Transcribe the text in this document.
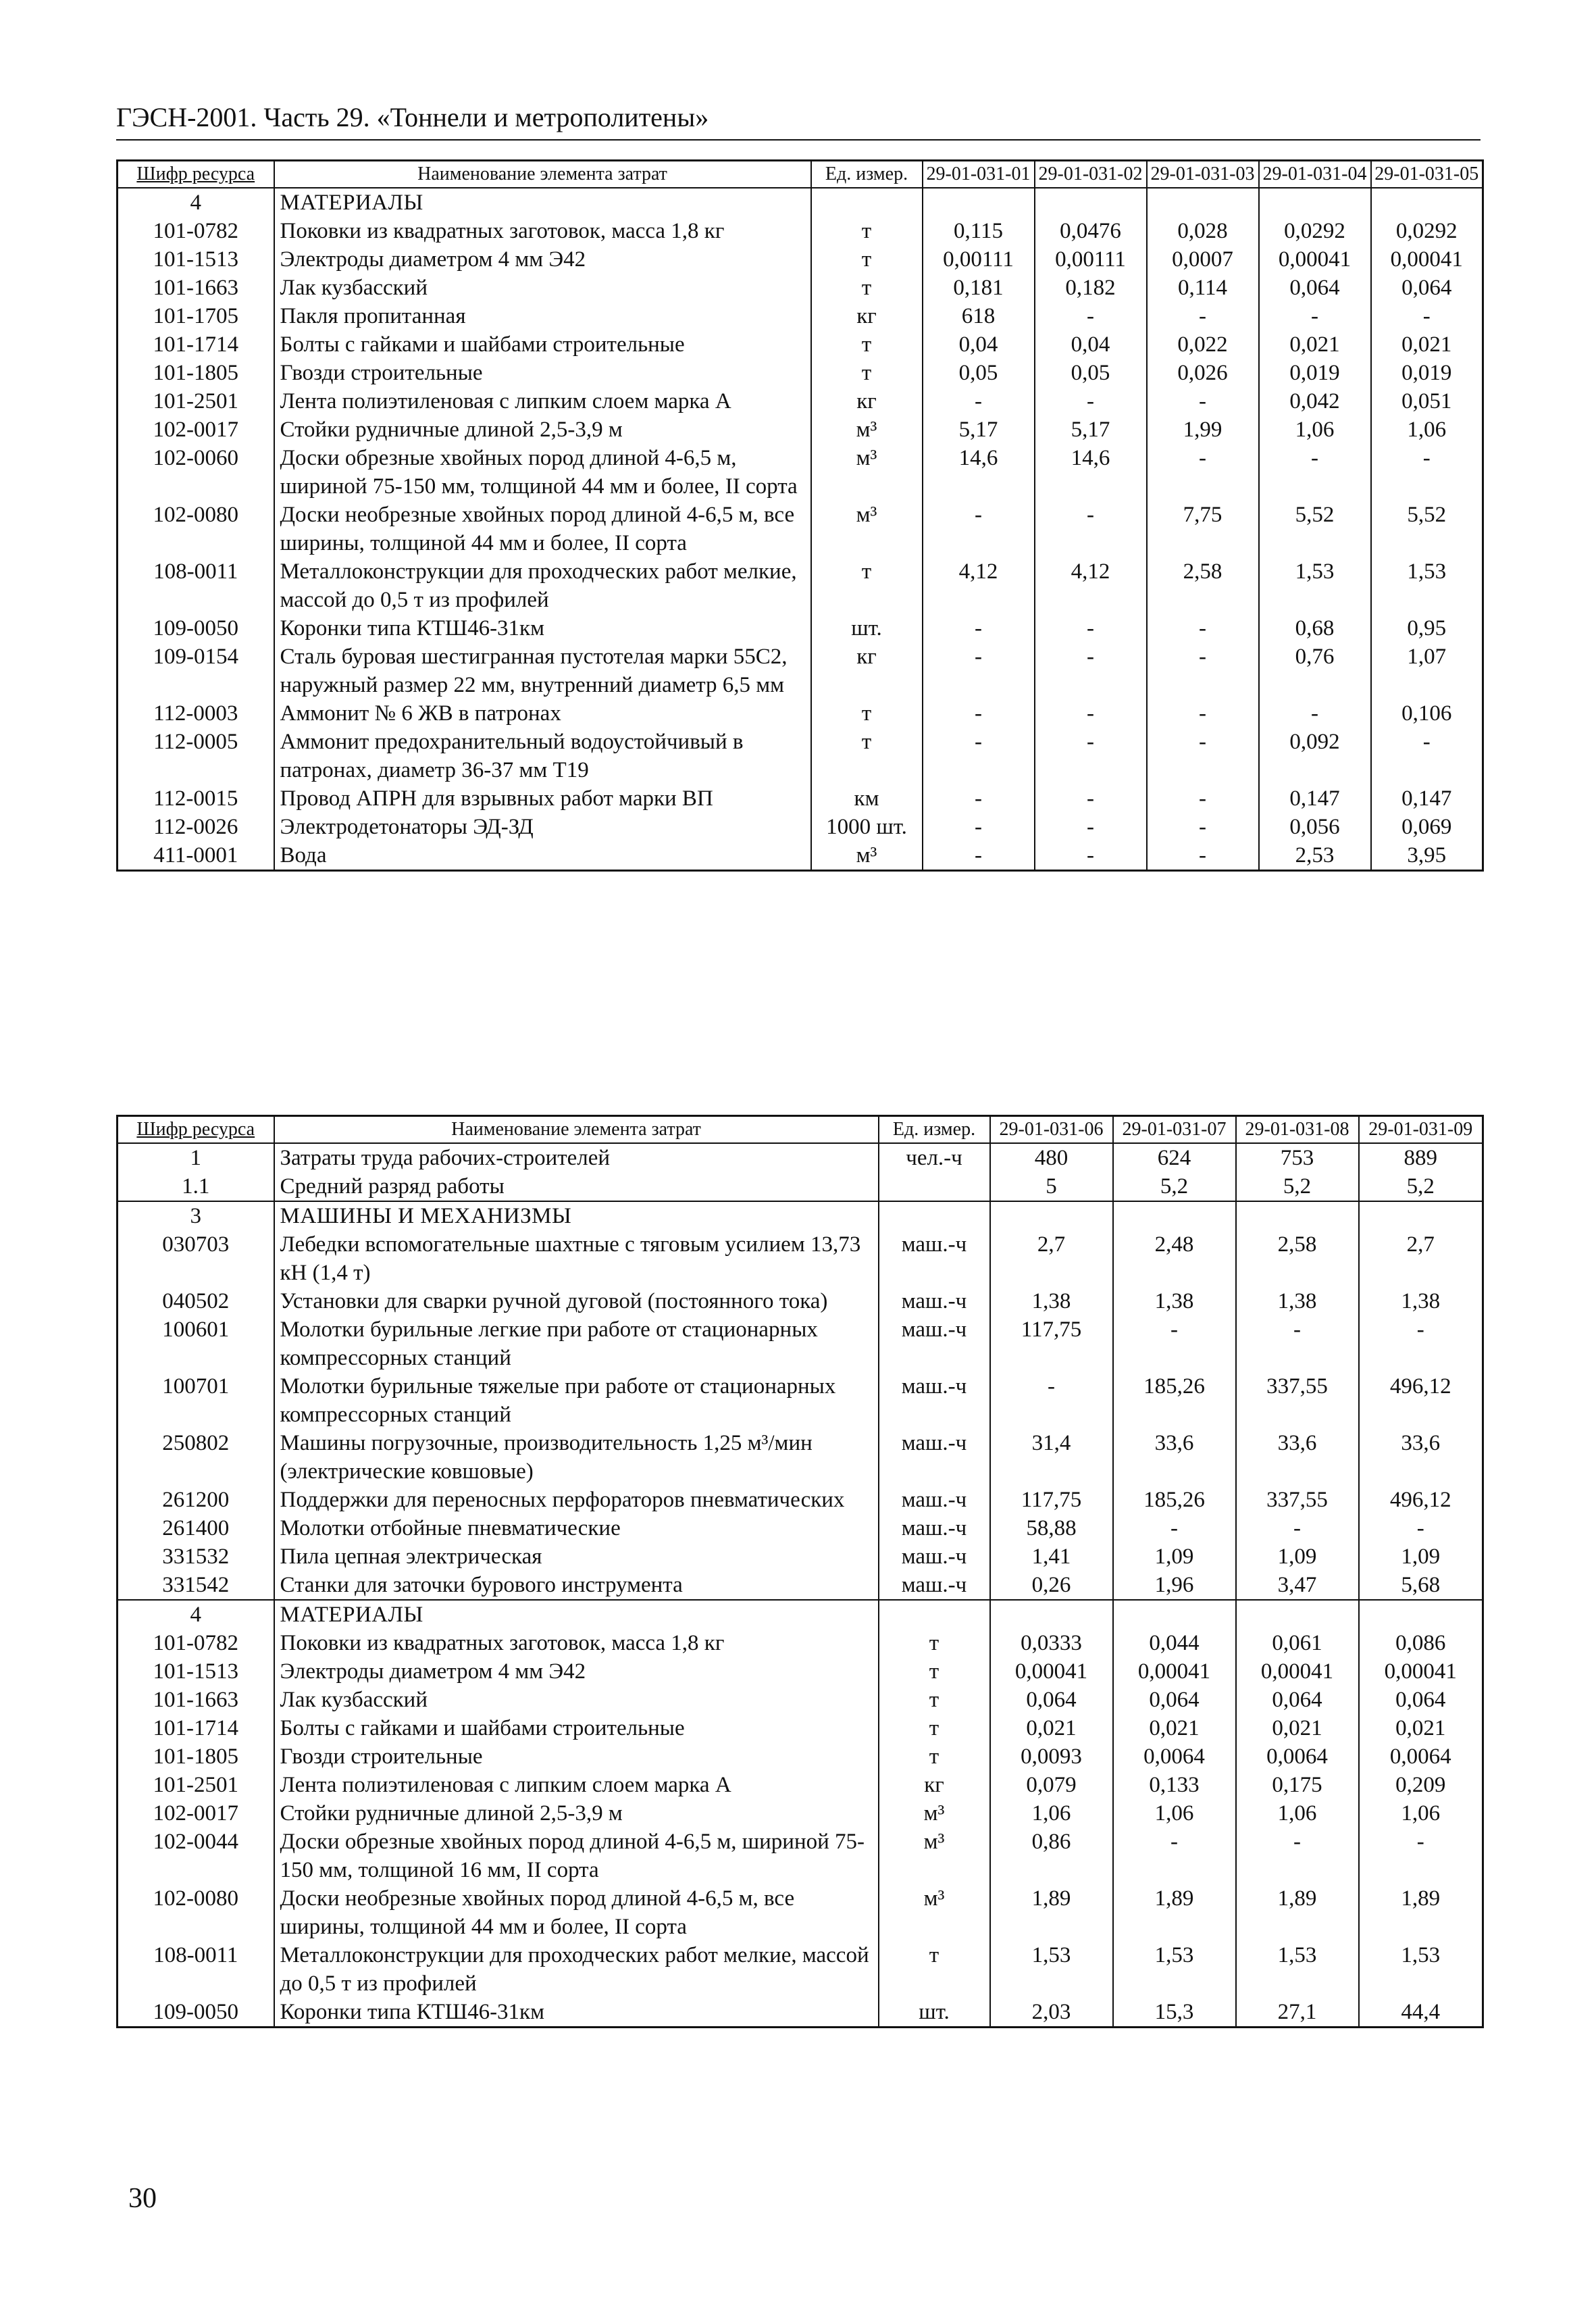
ГЭСН-2001. Часть 29. «Тоннели и метрополитены»
Шифр ресурса	Наименование элемента затрат	Ед. измер.	29-01-031-01	29-01-031-02	29-01-031-03	29-01-031-04	29-01-031-05
4	МАТЕРИАЛЫ						
101-0782	Поковки из квадратных заготовок, масса 1,8 кг	т	0,115	0,0476	0,028	0,0292	0,0292
101-1513	Электроды диаметром 4 мм Э42	т	0,00111	0,00111	0,0007	0,00041	0,00041
101-1663	Лак кузбасский	т	0,181	0,182	0,114	0,064	0,064
101-1705	Пакля пропитанная	кг	618	-	-	-	-
101-1714	Болты с гайками и шайбами строительные	т	0,04	0,04	0,022	0,021	0,021
101-1805	Гвозди строительные	т	0,05	0,05	0,026	0,019	0,019
101-2501	Лента полиэтиленовая с липким слоем марка А	кг	-	-	-	0,042	0,051
102-0017	Стойки рудничные длиной 2,5-3,9 м	м³	5,17	5,17	1,99	1,06	1,06
102-0060	Доски обрезные хвойных пород длиной 4-6,5 м, шириной 75-150 мм, толщиной 44 мм и более, II сорта	м³	14,6	14,6	-	-	-
102-0080	Доски необрезные хвойных пород длиной 4-6,5 м, все ширины, толщиной 44 мм и более, II сорта	м³	-	-	7,75	5,52	5,52
108-0011	Металлоконструкции для проходческих работ мелкие, массой до 0,5 т из профилей	т	4,12	4,12	2,58	1,53	1,53
109-0050	Коронки типа КТШ46-31км	шт.	-	-	-	0,68	0,95
109-0154	Сталь буровая шестигранная пустотелая марки 55С2, наружный размер 22 мм, внутренний диаметр 6,5 мм	кг	-	-	-	0,76	1,07
112-0003	Аммонит № 6 ЖВ в патронах	т	-	-	-	-	0,106
112-0005	Аммонит предохранительный водоустойчивый в патронах, диаметр 36-37 мм Т19	т	-	-	-	0,092	-
112-0015	Провод АПРН для взрывных работ марки ВП	км	-	-	-	0,147	0,147
112-0026	Электродетонаторы ЭД-ЗД	1000 шт.	-	-	-	0,056	0,069
411-0001	Вода	м³	-	-	-	2,53	3,95
Шифр ресурса	Наименование элемента затрат	Ед. измер.	29-01-031-06	29-01-031-07	29-01-031-08	29-01-031-09
1	Затраты труда рабочих-строителей	чел.-ч	480	624	753	889
1.1	Средний разряд работы		5	5,2	5,2	5,2
3	МАШИНЫ И МЕХАНИЗМЫ					
030703	Лебедки вспомогательные шахтные с тяговым усилием 13,73 кН (1,4 т)	маш.-ч	2,7	2,48	2,58	2,7
040502	Установки для сварки ручной дуговой (постоянного тока)	маш.-ч	1,38	1,38	1,38	1,38
100601	Молотки бурильные легкие при работе от стационарных компрессорных станций	маш.-ч	117,75	-	-	-
100701	Молотки бурильные тяжелые при работе от стационарных компрессорных станций	маш.-ч	-	185,26	337,55	496,12
250802	Машины погрузочные, производительность 1,25 м³/мин (электрические ковшовые)	маш.-ч	31,4	33,6	33,6	33,6
261200	Поддержки для переносных перфораторов пневматических	маш.-ч	117,75	185,26	337,55	496,12
261400	Молотки отбойные пневматические	маш.-ч	58,88	-	-	-
331532	Пила цепная электрическая	маш.-ч	1,41	1,09	1,09	1,09
331542	Станки для заточки бурового инструмента	маш.-ч	0,26	1,96	3,47	5,68
4	МАТЕРИАЛЫ					
101-0782	Поковки из квадратных заготовок, масса 1,8 кг	т	0,0333	0,044	0,061	0,086
101-1513	Электроды диаметром 4 мм Э42	т	0,00041	0,00041	0,00041	0,00041
101-1663	Лак кузбасский	т	0,064	0,064	0,064	0,064
101-1714	Болты с гайками и шайбами строительные	т	0,021	0,021	0,021	0,021
101-1805	Гвозди строительные	т	0,0093	0,0064	0,0064	0,0064
101-2501	Лента полиэтиленовая с липким слоем марка А	кг	0,079	0,133	0,175	0,209
102-0017	Стойки рудничные длиной 2,5-3,9 м	м³	1,06	1,06	1,06	1,06
102-0044	Доски обрезные хвойных пород длиной 4-6,5 м, шириной 75-150 мм, толщиной 16 мм, II сорта	м³	0,86	-	-	-
102-0080	Доски необрезные хвойных пород длиной 4-6,5 м, все ширины, толщиной 44 мм и более, II сорта	м³	1,89	1,89	1,89	1,89
108-0011	Металлоконструкции для проходческих работ мелкие, массой до 0,5 т из профилей	т	1,53	1,53	1,53	1,53
109-0050	Коронки типа КТШ46-31км	шт.	2,03	15,3	27,1	44,4
30
